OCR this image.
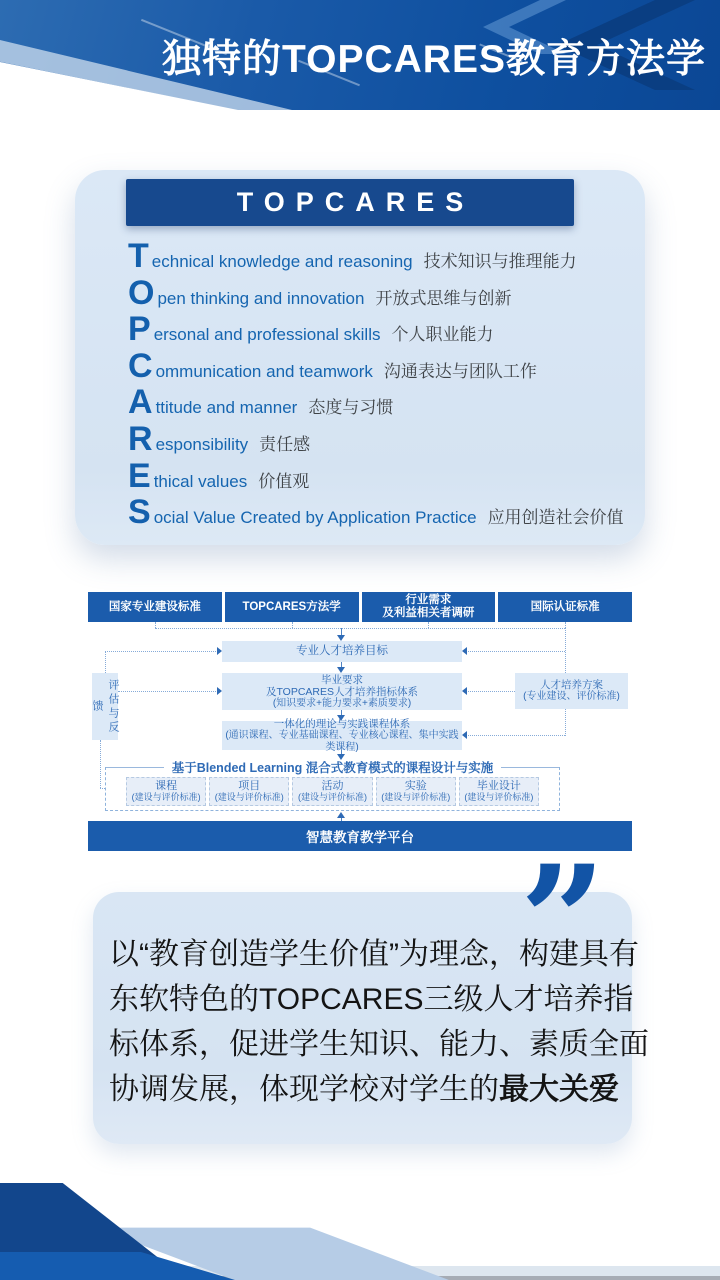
独特的TOPCARES教育方法学
TOPCARES
T echnical knowledge and reasoning 技术知识与推理能力
O pen thinking and innovation 开放式思维与创新
P ersonal and professional skills 个人职业能力
C ommunication and teamwork 沟通表达与团队工作
A ttitude and manner 态度与习惯
R esponsibility 责任感
E thical values 价值观
S ocial Value Created by Application Practice 应用创造社会价值
国家专业建设标准	TOPCARES方法学
行业需求
及利益相关者调研
国际认证标准
专业人才培养目标
毕业要求
及TOPCARES人才培养指标体系
(知识要求+能力要求+素质要求)
一体化的理论与实践课程体系
(通识课程、专业基础课程、专业核心课程、集中实践类课程)
基于Blended Learning 混合式教育模式的课程设计与实施
课程
(建设与评价标准)
项目
(建设与评价标准)
活动
(建设与评价标准)
实验
(建设与评价标准)
毕业设计
(建设与评价标准)
智慧教育教学平台
评估与反馈
人才培养方案
(专业建设、评价标准)
”

以“教育创造学生价值”为理念，构建具有东软特色的TOPCARES三级人才培养指标体系，促进学生知识、能力、素质全面协调发展，体现学校对学生的最大关爱
